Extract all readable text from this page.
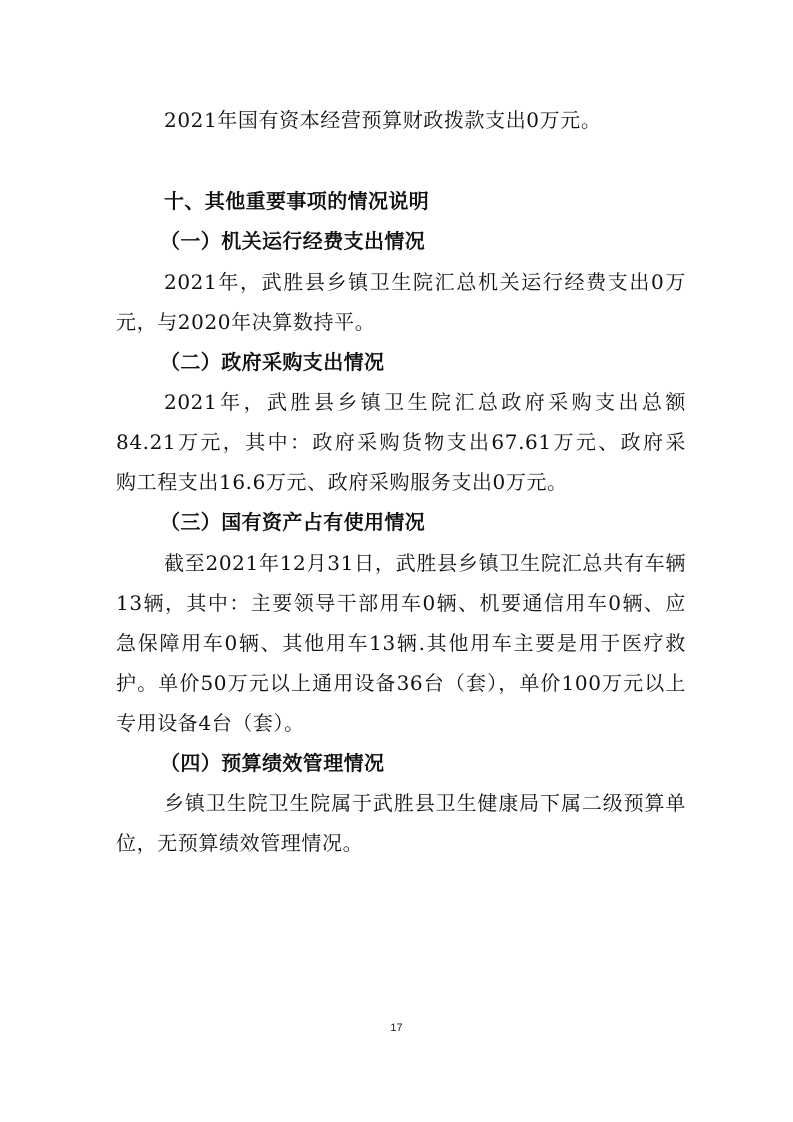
2021年国有资本经营预算财政拨款支出0万元。
十、其他重要事项的情况说明
（一）机关运行经费支出情况
2021年，武胜县乡镇卫生院汇总机关运行经费支出0万
元，与2020年决算数持平。
（二）政府采购支出情况
2021年，武胜县乡镇卫生院汇总政府采购支出总额
84.21万元，其中：政府采购货物支出67.61万元、政府采
购工程支出16.6万元、政府采购服务支出0万元。
（三）国有资产占有使用情况
截至2021年12月31日，武胜县乡镇卫生院汇总共有车辆
13辆，其中：主要领导干部用车0辆、机要通信用车0辆、应
急保障用车0辆、其他用车13辆.其他用车主要是用于医疗救
护。单价50万元以上通用设备36台（套），单价100万元以上
专用设备4台（套）。
（四）预算绩效管理情况
乡镇卫生院卫生院属于武胜县卫生健康局下属二级预算单
位，无预算绩效管理情况。
17
